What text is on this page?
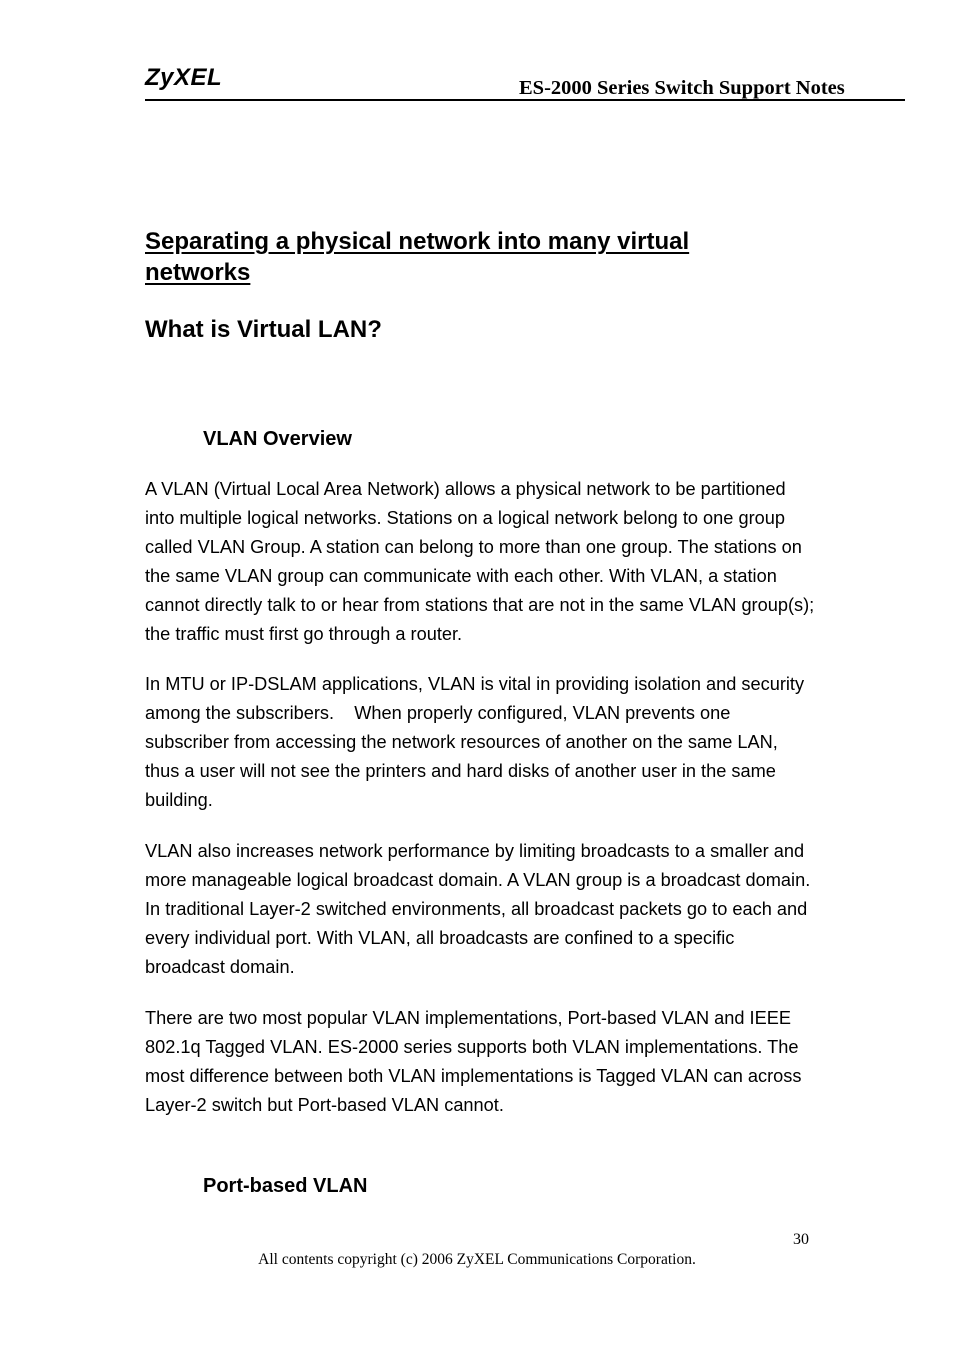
ZyXEL	ES-2000 Series Switch Support Notes
Separating a physical network into many virtual networks
What is Virtual LAN?
VLAN Overview

A VLAN (Virtual Local Area Network) allows a physical network to be partitioned into multiple logical networks. Stations on a logical network belong to one group called VLAN Group. A station can belong to more than one group. The stations on the same VLAN group can communicate with each other. With VLAN, a station cannot directly talk to or hear from stations that are not in the same VLAN group(s); the traffic must first go through a router.

In MTU or IP-DSLAM applications, VLAN is vital in providing isolation and security among the subscribers.    When properly configured, VLAN prevents one subscriber from accessing the network resources of another on the same LAN, thus a user will not see the printers and hard disks of another user in the same building.

VLAN also increases network performance by limiting broadcasts to a smaller and more manageable logical broadcast domain. A VLAN group is a broadcast domain. In traditional Layer-2 switched environments, all broadcast packets go to each and every individual port. With VLAN, all broadcasts are confined to a specific broadcast domain.

There are two most popular VLAN implementations, Port-based VLAN and IEEE 802.1q Tagged VLAN. ES-2000 series supports both VLAN implementations. The most difference between both VLAN implementations is Tagged VLAN can across Layer-2 switch but Port-based VLAN cannot.

Port-based VLAN
30
All contents copyright (c) 2006 ZyXEL Communications Corporation.
